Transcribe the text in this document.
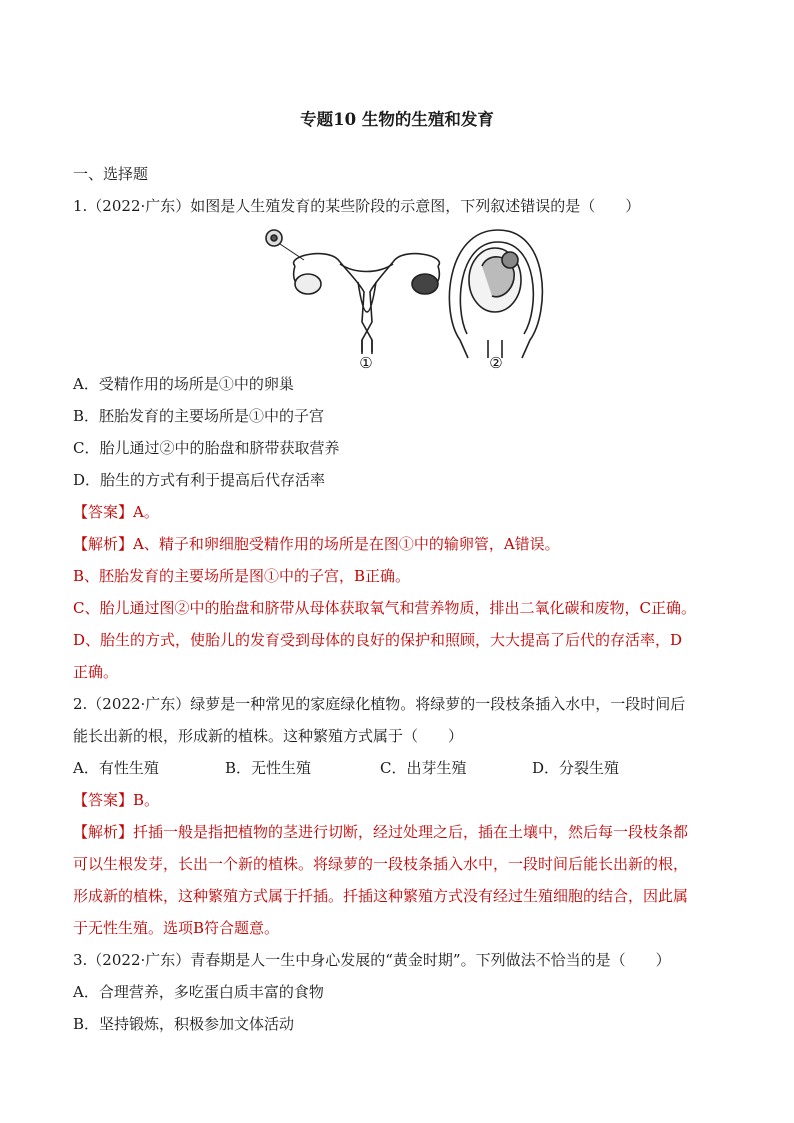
专题10 生物的生殖和发育
一、选择题
1.（2022·广东）如图是人生殖发育的某些阶段的示意图，下列叙述错误的是（　　）
①	②
A．受精作用的场所是①中的卵巢
B．胚胎发育的主要场所是①中的子宫
C．胎儿通过②中的胎盘和脐带获取营养
D．胎生的方式有利于提高后代存活率
【答案】A。
【解析】A、精子和卵细胞受精作用的场所是在图①中的输卵管，A错误。
B、胚胎发育的主要场所是图①中的子宫，B正确。
C、胎儿通过图②中的胎盘和脐带从母体获取氧气和营养物质，排出二氧化碳和废物，C正确。
D、胎生的方式，使胎儿的发育受到母体的良好的保护和照顾，大大提高了后代的存活率，D
正确。
2.（2022·广东）绿萝是一种常见的家庭绿化植物。将绿萝的一段枝条插入水中，一段时间后
能长出新的根，形成新的植株。这种繁殖方式属于（　　）
A．有性生殖	B．无性生殖	C．出芽生殖	D．分裂生殖
【答案】B。
【解析】扦插一般是指把植物的茎进行切断，经过处理之后，插在土壤中，然后每一段枝条都
可以生根发芽，长出一个新的植株。将绿萝的一段枝条插入水中，一段时间后能长出新的根，
形成新的植株，这种繁殖方式属于扦插。扦插这种繁殖方式没有经过生殖细胞的结合，因此属
于无性生殖。选项B符合题意。
3.（2022·广东）青春期是人一生中身心发展的“黄金时期”。下列做法不恰当的是（　　）
A．合理营养，多吃蛋白质丰富的食物
B．坚持锻炼，积极参加文体活动
